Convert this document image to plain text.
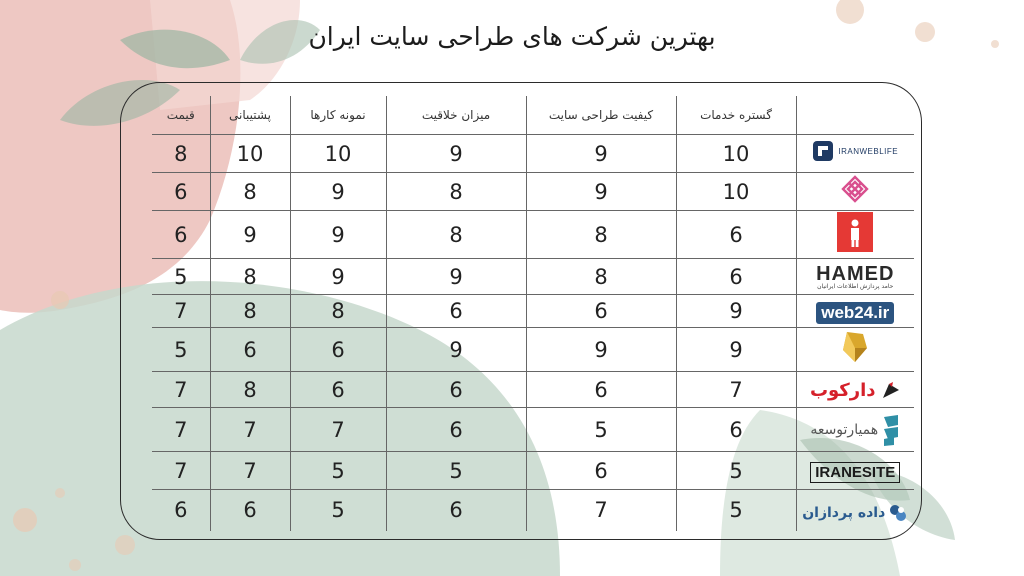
بهترین شرکت های طراحی سایت ایران
قیمت	پشتیبانی	نمونه کارها	میزان خلاقیت	کیفیت طراحی سایت	گستره خدمات	
8	10	10	9	9	10	IRANWEBLIFE

6	8	9	8	9	10	
6	9	9	8	8	6	
5	8	9	9	8	6	HAMED
حامد پردازش اطلاعات ایرانیان

7	8	8	6	6	9	web24.ir
5	6	6	9	9	9	
7	8	6	6	6	7	دارکوب

7	7	7	6	5	6	همیارتوسعه

7	7	5	5	6	5	IRANESITE
6	6	5	6	7	5	داده پردازان
